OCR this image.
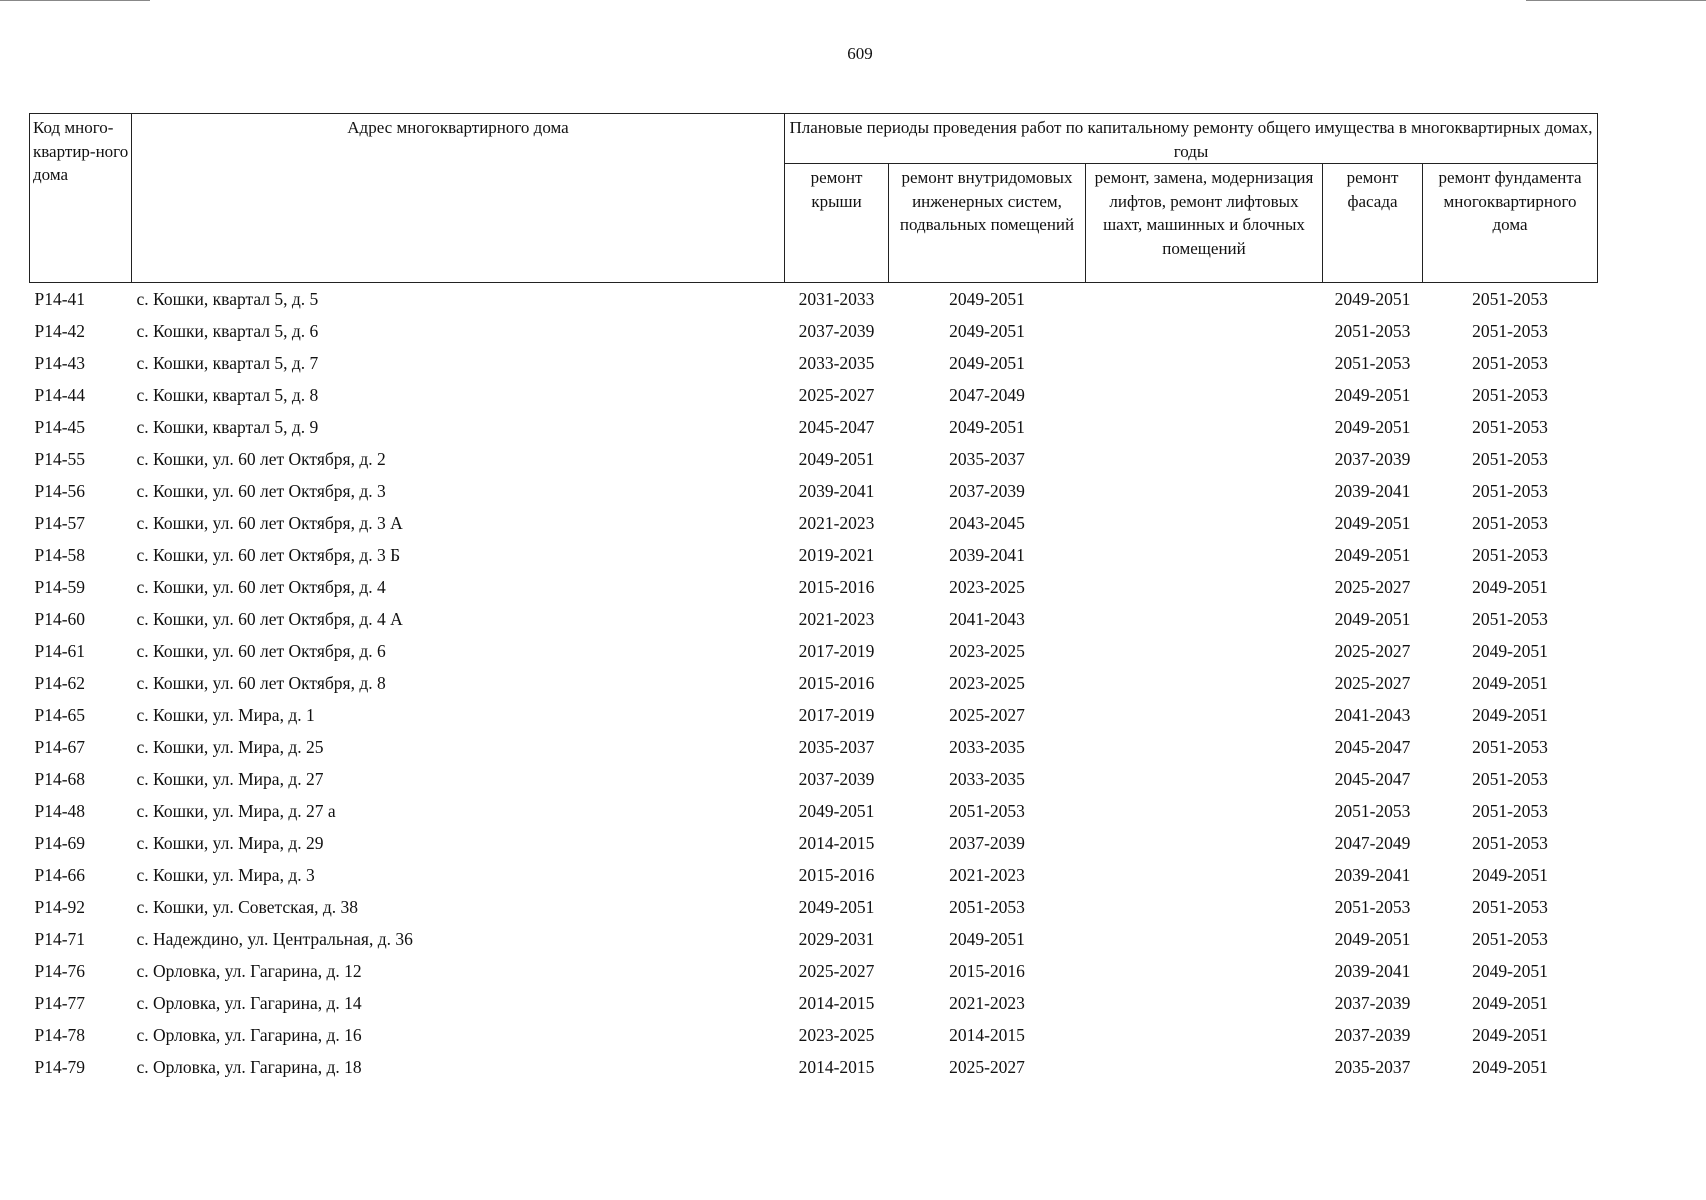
609
Код много-квартир-ного дома	Адрес многоквартирного дома	Плановые периоды проведения работ по капитальному ремонту общего имущества в многоквартирных домах, годы				
		ремонт крыши	ремонт внутридомовых инженерных систем, подвальных помещений	ремонт, замена, модернизация лифтов, ремонт лифтовых шахт, машинных и блочных помещений	ремонт фасада	ремонт фундамента многоквартирного дома
P14-41	с. Кошки, квартал 5, д. 5	2031-2033	2049-2051		2049-2051	2051-2053
P14-42	с. Кошки, квартал 5, д. 6	2037-2039	2049-2051		2051-2053	2051-2053
P14-43	с. Кошки, квартал 5, д. 7	2033-2035	2049-2051		2051-2053	2051-2053
P14-44	с. Кошки, квартал 5, д. 8	2025-2027	2047-2049		2049-2051	2051-2053
P14-45	с. Кошки, квартал 5, д. 9	2045-2047	2049-2051		2049-2051	2051-2053
P14-55	с. Кошки, ул. 60 лет Октября, д. 2	2049-2051	2035-2037		2037-2039	2051-2053
P14-56	с. Кошки, ул. 60 лет Октября, д. 3	2039-2041	2037-2039		2039-2041	2051-2053
P14-57	с. Кошки, ул. 60 лет Октября, д. 3 А	2021-2023	2043-2045		2049-2051	2051-2053
P14-58	с. Кошки, ул. 60 лет Октября, д. 3 Б	2019-2021	2039-2041		2049-2051	2051-2053
P14-59	с. Кошки, ул. 60 лет Октября, д. 4	2015-2016	2023-2025		2025-2027	2049-2051
P14-60	с. Кошки, ул. 60 лет Октября, д. 4 А	2021-2023	2041-2043		2049-2051	2051-2053
P14-61	с. Кошки, ул. 60 лет Октября, д. 6	2017-2019	2023-2025		2025-2027	2049-2051
P14-62	с. Кошки, ул. 60 лет Октября, д. 8	2015-2016	2023-2025		2025-2027	2049-2051
P14-65	с. Кошки, ул. Мира, д. 1	2017-2019	2025-2027		2041-2043	2049-2051
P14-67	с. Кошки, ул. Мира, д. 25	2035-2037	2033-2035		2045-2047	2051-2053
P14-68	с. Кошки, ул. Мира, д. 27	2037-2039	2033-2035		2045-2047	2051-2053
P14-48	с. Кошки, ул. Мира, д. 27 а	2049-2051	2051-2053		2051-2053	2051-2053
P14-69	с. Кошки, ул. Мира, д. 29	2014-2015	2037-2039		2047-2049	2051-2053
P14-66	с. Кошки, ул. Мира, д. 3	2015-2016	2021-2023		2039-2041	2049-2051
P14-92	с. Кошки, ул. Советская, д. 38	2049-2051	2051-2053		2051-2053	2051-2053
P14-71	с. Надеждино, ул. Центральная, д. 36	2029-2031	2049-2051		2049-2051	2051-2053
P14-76	с. Орловка, ул. Гагарина, д. 12	2025-2027	2015-2016		2039-2041	2049-2051
P14-77	с. Орловка, ул. Гагарина, д. 14	2014-2015	2021-2023		2037-2039	2049-2051
P14-78	с. Орловка, ул. Гагарина, д. 16	2023-2025	2014-2015		2037-2039	2049-2051
P14-79	с. Орловка, ул. Гагарина, д. 18	2014-2015	2025-2027		2035-2037	2049-2051
